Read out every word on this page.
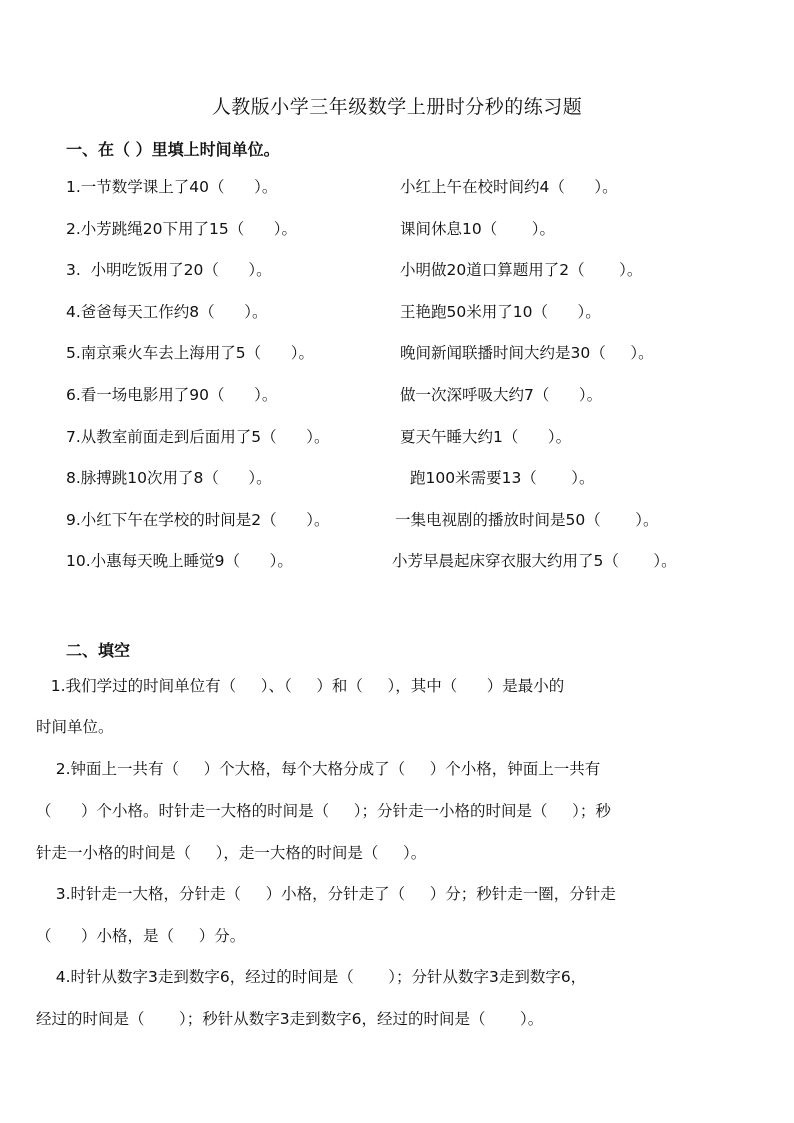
人教版小学三年级数学上册时分秒的练习题
一、在（ ）里填上时间单位。
1.一节数学课上了40（      ）。	小红上午在校时间约4（      ）。
2.小芳跳绳20下用了15（      ）。	课间休息10（       ）。
3.  小明吃饭用了20（      ）。	小明做20道口算题用了2（       ）。
4.爸爸每天工作约8（      ）。	王艳跑50米用了10（      ）。
5.南京乘火车去上海用了5（      ）。	晚间新闻联播时间大约是30（     ）。
6.看一场电影用了90（      ）。	做一次深呼吸大约7（      ）。
7.从教室前面走到后面用了5（      ）。	夏天午睡大约1（      ）。
8.脉搏跳10次用了8（      ）。	跑100米需要13（       ）。
9.小红下午在学校的时间是2（      ）。	一集电视剧的播放时间是50（       ）。
10.小惠每天晚上睡觉9（      ）。	小芳早晨起床穿衣服大约用了5（       ）。
二、填空
1.我们学过的时间单位有（     ）、（     ）和（     ），其中（      ）是最小的
时间单位。
2.钟面上一共有（     ）个大格，每个大格分成了（     ）个小格，钟面上一共有
（      ）个小格。时针走一大格的时间是（     ）；分针走一小格的时间是（     ）；秒
针走一小格的时间是（     ），走一大格的时间是（     ）。
3.时针走一大格，分针走（     ）小格，分针走了（     ）分；秒针走一圈，分针走
（      ）小格，是（     ）分。
4.时针从数字3走到数字6，经过的时间是（       ）；分针从数字3走到数字6，
经过的时间是（       ）；秒针从数字3走到数字6，经过的时间是（       ）。
